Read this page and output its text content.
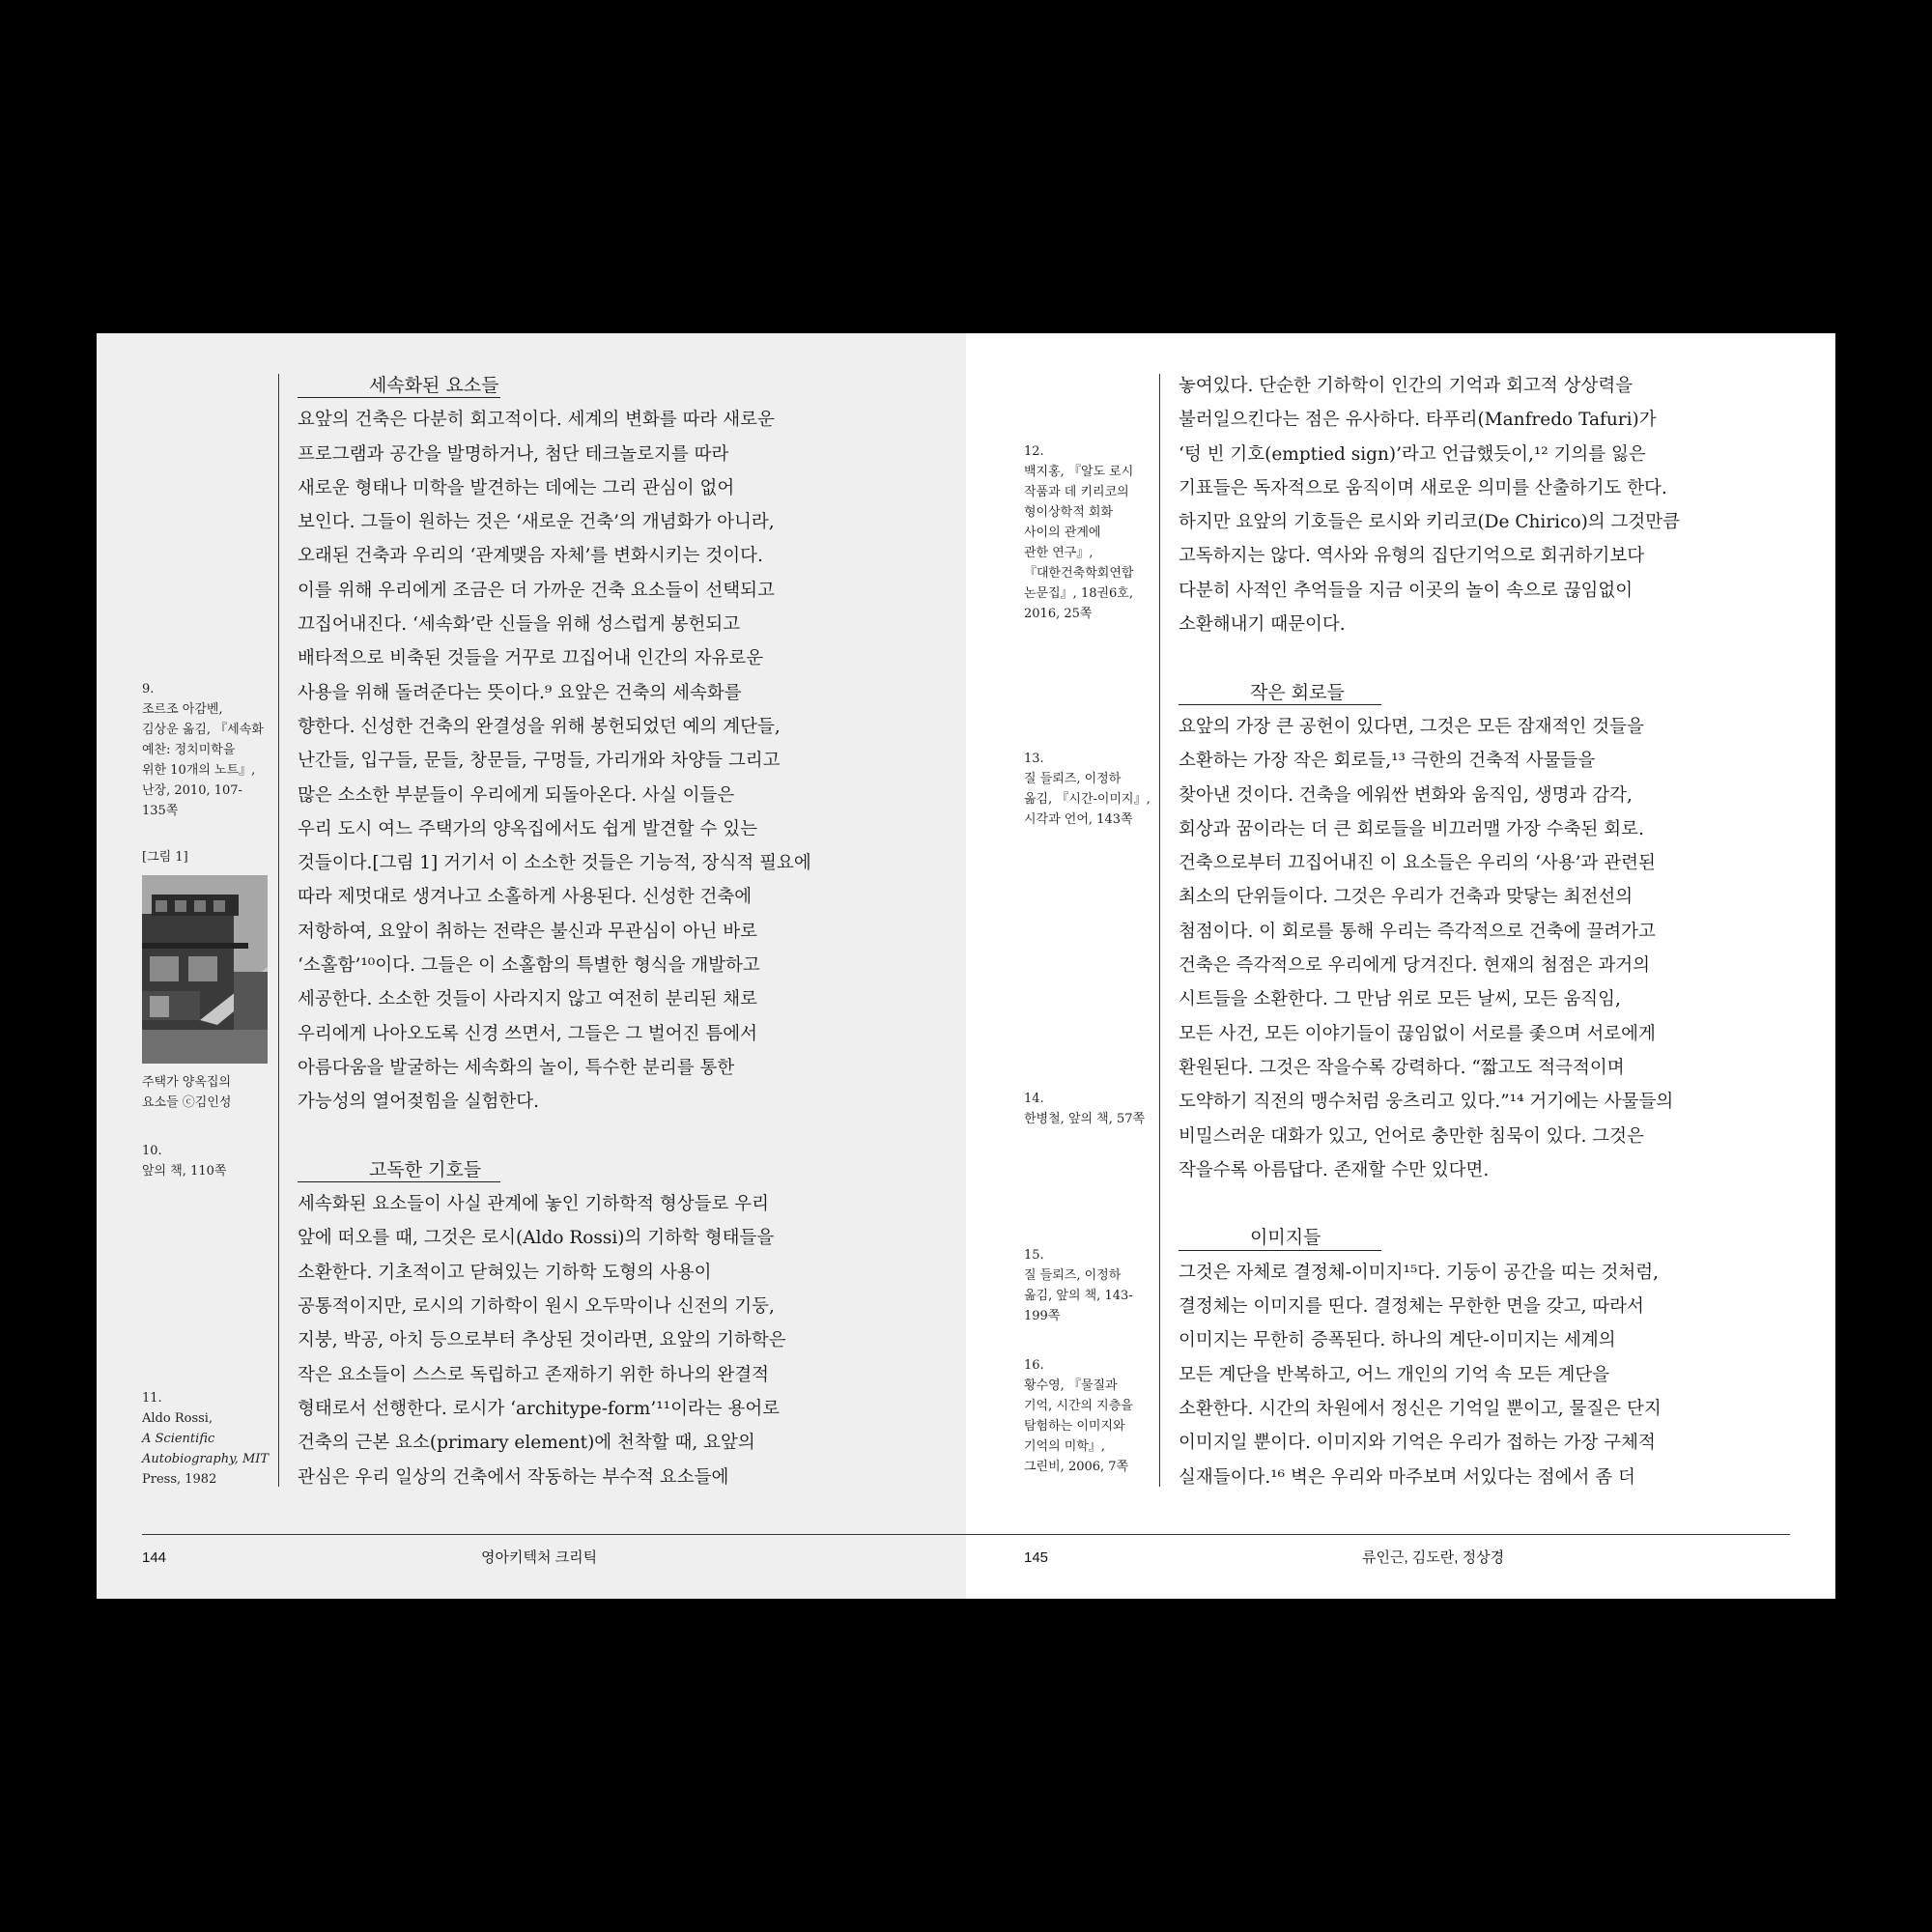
세속화된 요소들

요앞의 건축은 다분히 회고적이다. 세계의 변화를 따라 새로운

프로그램과 공간을 발명하거나, 첨단 테크놀로지를 따라

새로운 형태나 미학을 발견하는 데에는 그리 관심이 없어

보인다. 그들이 원하는 것은 ‘새로운 건축’의 개념화가 아니라,

오래된 건축과 우리의 ‘관계맺음 자체’를 변화시키는 것이다.

이를 위해 우리에게 조금은 더 가까운 건축 요소들이 선택되고

끄집어내진다. ‘세속화’란 신들을 위해 성스럽게 봉헌되고

배타적으로 비축된 것들을 거꾸로 끄집어내 인간의 자유로운

사용을 위해 돌려준다는 뜻이다.⁹ 요앞은 건축의 세속화를

향한다. 신성한 건축의 완결성을 위해 봉헌되었던 예의 계단들,

난간들, 입구들, 문들, 창문들, 구멍들, 가리개와 차양들 그리고

많은 소소한 부분들이 우리에게 되돌아온다. 사실 이들은

우리 도시 여느 주택가의 양옥집에서도 쉽게 발견할 수 있는

것들이다.[그림 1] 거기서 이 소소한 것들은 기능적, 장식적 필요에

따라 제멋대로 생겨나고 소홀하게 사용된다. 신성한 건축에

저항하여, 요앞이 취하는 전략은 불신과 무관심이 아닌 바로

‘소홀함’¹⁰이다. 그들은 이 소홀함의 특별한 형식을 개발하고

세공한다. 소소한 것들이 사라지지 않고 여전히 분리된 채로

우리에게 나아오도록 신경 쓰면서, 그들은 그 벌어진 틈에서

아름다움을 발굴하는 세속화의 놀이, 특수한 분리를 통한

가능성의 열어젖힘을 실험한다.

고독한 기호들

세속화된 요소들이 사실 관계에 놓인 기하학적 형상들로 우리

앞에 떠오를 때, 그것은 로시(Aldo Rossi)의 기하학 형태들을

소환한다. 기초적이고 닫혀있는 기하학 도형의 사용이

공통적이지만, 로시의 기하학이 원시 오두막이나 신전의 기둥,

지붕, 박공, 아치 등으로부터 추상된 것이라면, 요앞의 기하학은

작은 요소들이 스스로 독립하고 존재하기 위한 하나의 완결적

형태로서 선행한다. 로시가 ‘architype-form’¹¹이라는 용어로

건축의 근본 요소(primary element)에 천착할 때, 요앞의

관심은 우리 일상의 건축에서 작동하는 부수적 요소들에

9.

조르조 아감벤,

김상운 옮김, 『세속화

예찬: 정치미학을

위한 10개의 노트』,

난장, 2010, 107-

135쪽

[그림 1]

주택가 양옥집의

요소들 ⓒ김인성

10.

앞의 책, 110쪽

11.

Aldo Rossi,

A Scientific

Autobiography, MIT

Press, 1982

144	영아키텍처 크리틱

놓여있다. 단순한 기하학이 인간의 기억과 회고적 상상력을

불러일으킨다는 점은 유사하다. 타푸리(Manfredo Tafuri)가

‘텅 빈 기호(emptied sign)’라고 언급했듯이,¹² 기의를 잃은

기표들은 독자적으로 움직이며 새로운 의미를 산출하기도 한다.

하지만 요앞의 기호들은 로시와 키리코(De Chirico)의 그것만큼

고독하지는 않다. 역사와 유형의 집단기억으로 회귀하기보다

다분히 사적인 추억들을 지금 이곳의 놀이 속으로 끊임없이

소환해내기 때문이다.

작은 회로들

요앞의 가장 큰 공헌이 있다면, 그것은 모든 잠재적인 것들을

소환하는 가장 작은 회로들,¹³ 극한의 건축적 사물들을

찾아낸 것이다. 건축을 에워싼 변화와 움직임, 생명과 감각,

회상과 꿈이라는 더 큰 회로들을 비끄러맬 가장 수축된 회로.

건축으로부터 끄집어내진 이 요소들은 우리의 ‘사용’과 관련된

최소의 단위들이다. 그것은 우리가 건축과 맞닿는 최전선의

첨점이다. 이 회로를 통해 우리는 즉각적으로 건축에 끌려가고

건축은 즉각적으로 우리에게 당겨진다. 현재의 첨점은 과거의

시트들을 소환한다. 그 만남 위로 모든 날씨, 모든 움직임,

모든 사건, 모든 이야기들이 끊임없이 서로를 좇으며 서로에게

환원된다. 그것은 작을수록 강력하다. “짧고도 적극적이며

도약하기 직전의 맹수처럼 웅츠리고 있다.”¹⁴ 거기에는 사물들의

비밀스러운 대화가 있고, 언어로 충만한 침묵이 있다. 그것은

작을수록 아름답다. 존재할 수만 있다면.

이미지들

그것은 자체로 결정체-이미지¹⁵다. 기둥이 공간을 띠는 것처럼,

결정체는 이미지를 띤다. 결정체는 무한한 면을 갖고, 따라서

이미지는 무한히 증폭된다. 하나의 계단-이미지는 세계의

모든 계단을 반복하고, 어느 개인의 기억 속 모든 계단을

소환한다. 시간의 차원에서 정신은 기억일 뿐이고, 물질은 단지

이미지일 뿐이다. 이미지와 기억은 우리가 접하는 가장 구체적

실재들이다.¹⁶ 벽은 우리와 마주보며 서있다는 점에서 좀 더

12.

백지홍, 『알도 로시

작품과 데 키리코의

형이상학적 회화

사이의 관계에

관한 연구』,

『대한건축학회연합

논문집』, 18권6호,

2016, 25쪽

13.

질 들뢰즈, 이정하

옮김, 『시간-이미지』,

시각과 언어, 143쪽

14.

한병철, 앞의 책, 57쪽

15.

질 들뢰즈, 이정하

옮김, 앞의 책, 143-

199쪽

16.

황수영, 『물질과

기억, 시간의 지층을

탐험하는 이미지와

기억의 미학』,

그린비, 2006, 7쪽

145	류인근, 김도란, 정상경
